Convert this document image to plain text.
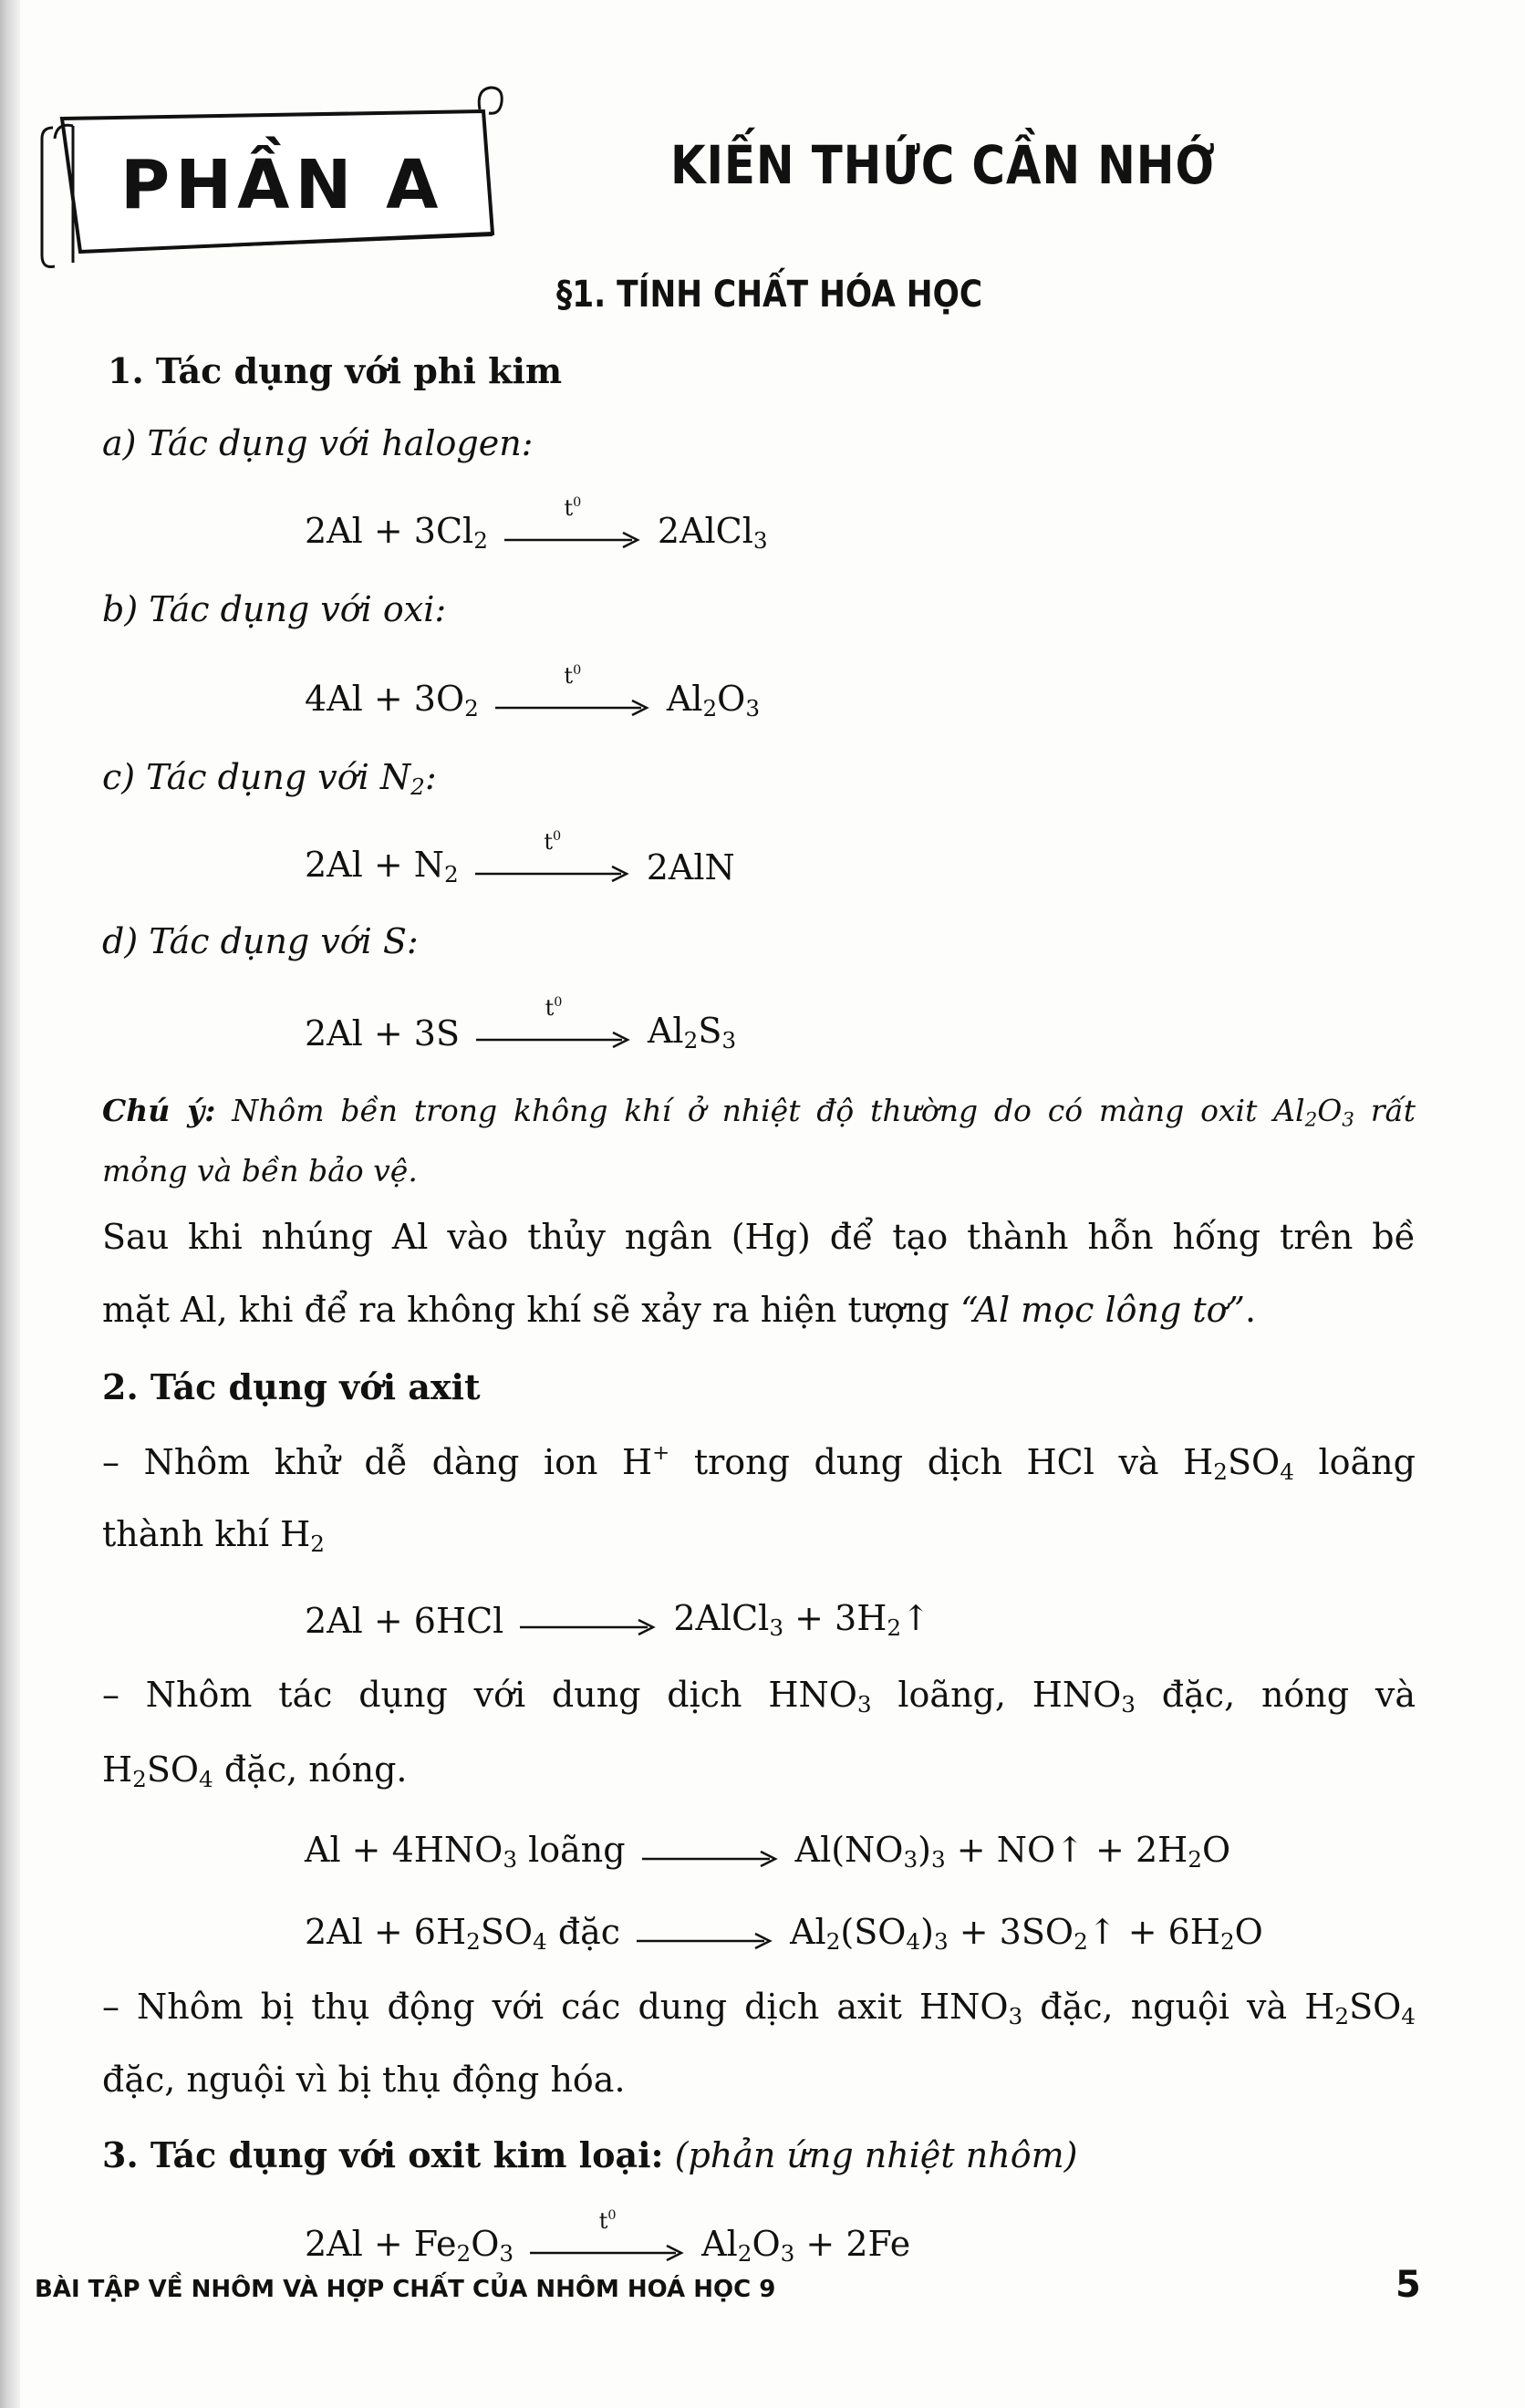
PHẦN A	KIẾN THỨC CẦN NHỚ
§1. TÍNH CHẤT HÓA HỌC
1. Tác dụng với phi kim
a) Tác dụng với halogen:
$2Al + 3Cl_2$
$t^0$
2AlCl$_3$
b) Tác dụng với oxi:
$4Al + 3O_2$
$t^0$
$Al_2O_3$
c) Tác dụng với $N_2$:
$2Al + N_2$
$t^0$
2AlN
d) Tác dụng với S:
2Al + 3S
$t^0$
$Al_2S_3$
Chú ý: Nhôm bền trong không khí ở nhiệt độ thường do có màng oxit $Al_2O_3$ rất
mỏng và bền bảo vệ.
Sau khi nhúng Al vào thủy ngân (Hg) để tạo thành hỗn hống trên bề
mặt Al, khi để ra không khí sẽ xảy ra hiện tượng “Al mọc lông tơ”.
2. Tác dụng với axit
– Nhôm khử dễ dàng ion H+ trong dung dịch HCl và $H_2SO_4$ loãng
thành khí $H_2$
2Al + 6HCl	2AlCl$_3$ + $3H_2↑$
– Nhôm tác dụng với dung dịch $HNO_3$ loãng, $HNO_3$ đặc, nóng và
$H_2SO_4$ đặc, nóng.
$Al + 4HNO_3$ loãng	$Al(NO_3)_3$ + NO↑ + $2H_2O$
$2Al + 6H_2SO_4$ đặc	$Al_2(SO_4)_3$ + $3SO_2↑ + 6H_2O$
– Nhôm bị thụ động với các dung dịch axit $HNO_3$ đặc, nguội và $H_2SO_4$
đặc, nguội vì bị thụ động hóa.
3. Tác dụng với oxit kim loại: (phản ứng nhiệt nhôm)
$2Al + Fe_2O_3$
$t^0$
$Al_2O_3 + 2Fe$
BÀI TẬP VỀ NHÔM VÀ HỢP CHẤT CỦA NHÔM HOÁ HỌC 9	5
